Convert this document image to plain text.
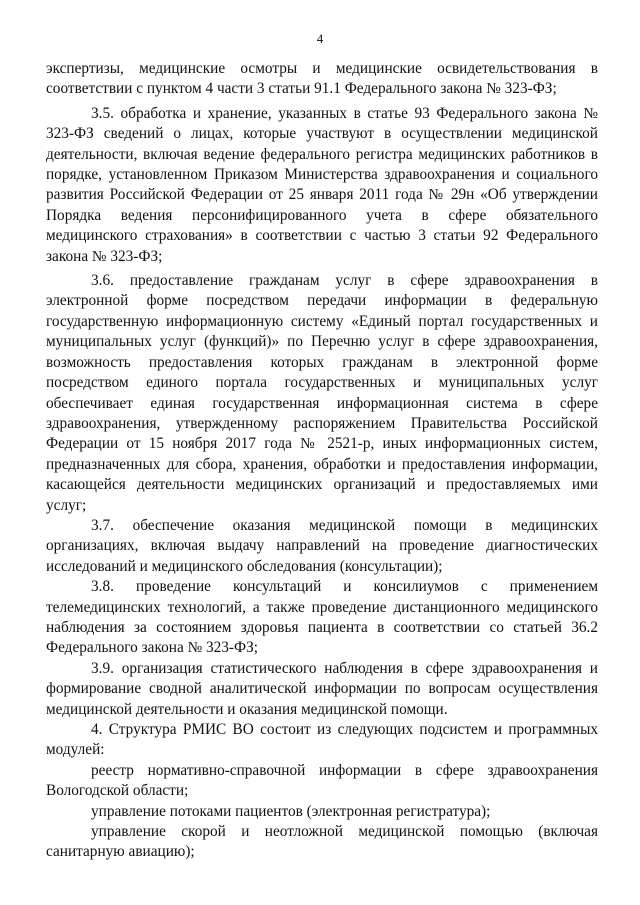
4

экспертизы, медицинские осмотры и медицинские освидетельствования в соответствии с пунктом 4 части 3 статьи 91.1 Федерального закона № 323-ФЗ;

3.5. обработка и хранение, указанных в статье 93 Федерального закона № 323-ФЗ сведений о лицах, которые участвуют в осуществлении медицинской деятельности, включая ведение федерального регистра медицинских работников в порядке, установленном Приказом Министерства здравоохранения и социального развития Российской Федерации от 25 января 2011 года № 29н «Об утверждении Порядка ведения персонифицированного учета в сфере обязательного медицинского страхования» в соответствии с частью 3 статьи 92 Федерального закона № 323-ФЗ;

3.6. предоставление гражданам услуг в сфере здравоохранения в электронной форме посредством передачи информации в федеральную государственную информационную систему «Единый портал государственных и муниципальных услуг (функций)» по Перечню услуг в сфере здравоохранения, возможность предоставления которых гражданам в электронной форме посредством единого портала государственных и муниципальных услуг обеспечивает единая государственная информационная система в сфере здравоохранения, утвержденному распоряжением Правительства Российской Федерации от 15 ноября 2017 года № 2521-р, иных информационных систем, предназначенных для сбора, хранения, обработки и предоставления информации, касающейся деятельности медицинских организаций и предоставляемых ими услуг;

3.7. обеспечение оказания медицинской помощи в медицинских организациях, включая выдачу направлений на проведение диагностических исследований и медицинского обследования (консультации);

3.8. проведение консультаций и консилиумов с применением телемедицинских технологий, а также проведение дистанционного медицинского наблюдения за состоянием здоровья пациента в соответствии со статьей 36.2 Федерального закона № 323-ФЗ;

3.9. организация статистического наблюдения в сфере здравоохранения и формирование сводной аналитической информации по вопросам осуществления медицинской деятельности и оказания медицинской помощи.

4. Структура РМИС ВО состоит из следующих подсистем и программных модулей:

реестр нормативно-справочной информации в сфере здравоохранения Вологодской области;

управление потоками пациентов (электронная регистратура);

управление скорой и неотложной медицинской помощью (включая санитарную авиацию);
